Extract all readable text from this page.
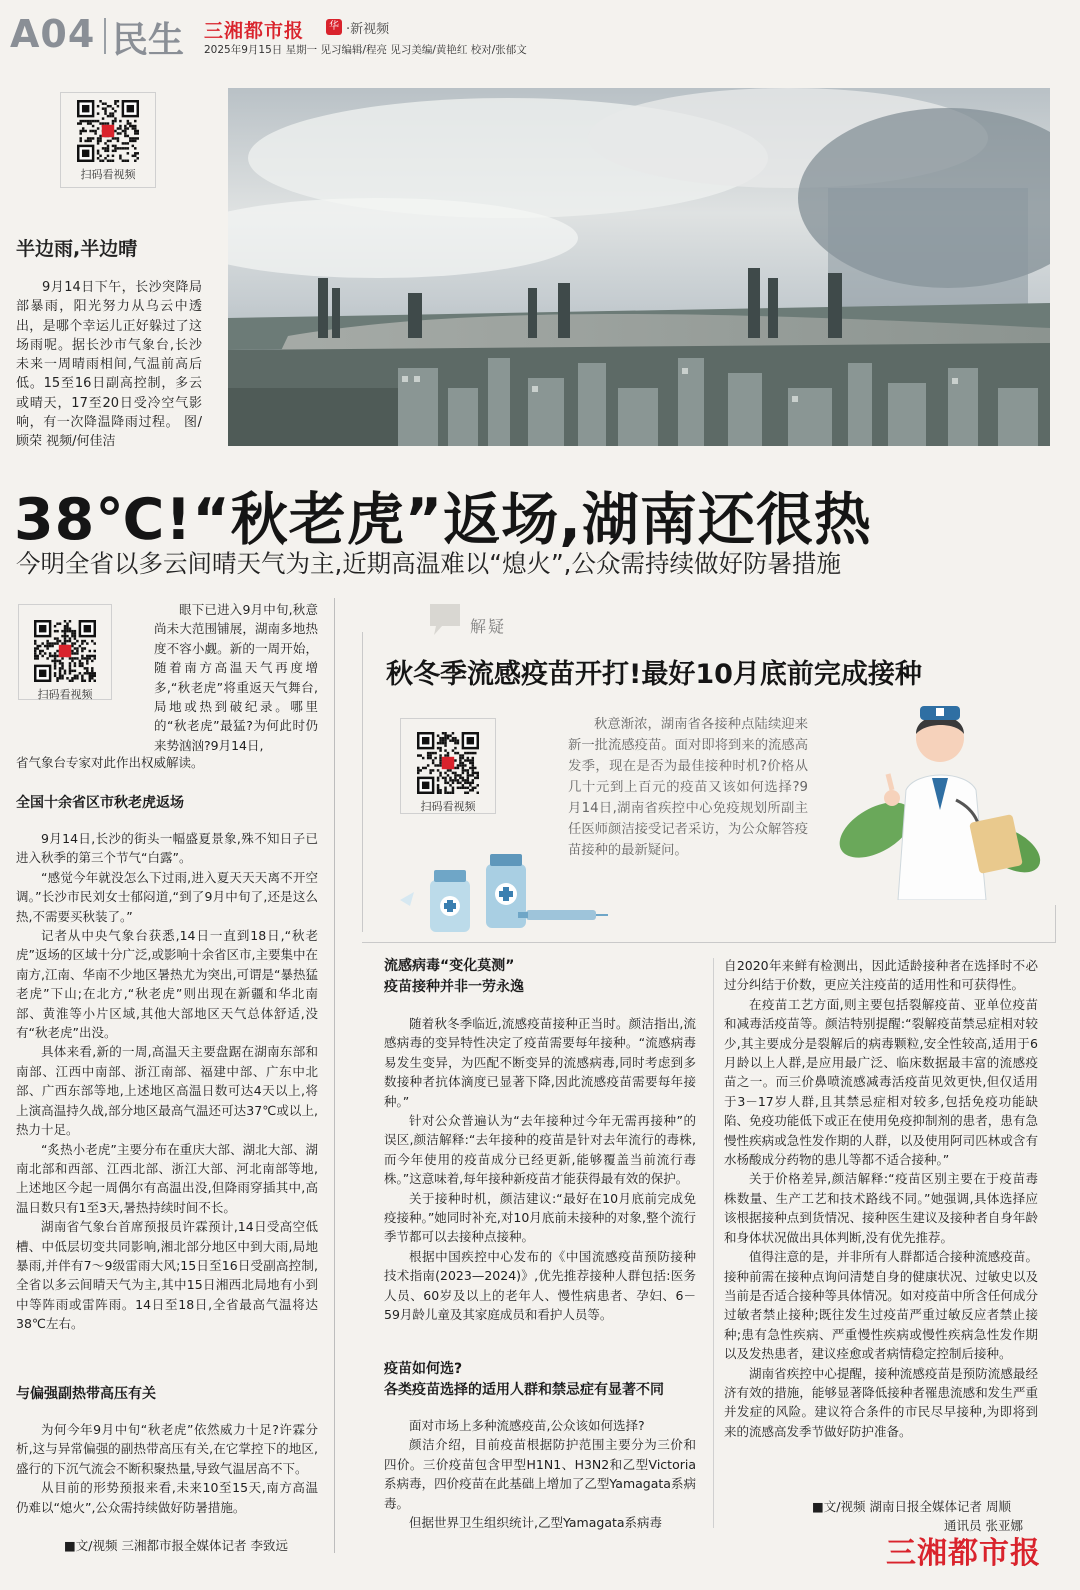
A04 民生 三湘都市报	华 ·新视频
2025年9月15日 星期一 见习编辑/程亮 见习美编/黄艳红 校对/张郁文
扫码看视频
半边雨,半边晴
9月14日下午，长沙突降局部暴雨，阳光努力从乌云中透出，是哪个幸运儿正好躲过了这场雨呢。据长沙市气象台,长沙未来一周晴雨相间,气温前高后低。15至16日副高控制，多云或晴天，17至20日受冷空气影响，有一次降温降雨过程。 图/顾荣 视频/何佳洁
38℃!“秋老虎”返场,湖南还很热
今明全省以多云间晴天气为主,近期高温难以“熄火”,公众需持续做好防暑措施
扫码看视频
眼下已进入9月中旬,秋意尚未大范围铺展，湖南多地热度不容小觑。新的一周开始，随着南方高温天气再度增多,“秋老虎”将重返天气舞台,局地或热到破纪录。哪里的“秋老虎”最猛?为何此时仍来势汹汹?9月14日,
省气象台专家对此作出权威解读。
全国十余省区市秋老虎返场

9月14日,长沙的街头一幅盛夏景象,殊不知日子已进入秋季的第三个节气“白露”。

“感觉今年就没怎么下过雨,进入夏天天天离不开空调。”长沙市民刘女士郁闷道,“到了9月中旬了,还是这么热,不需要买秋装了。”

记者从中央气象台获悉,14日一直到18日,“秋老虎”返场的区域十分广泛,或影响十余省区市,主要集中在南方,江南、华南不少地区暑热尤为突出,可谓是“暴热猛老虎”下山;在北方,“秋老虎”则出现在新疆和华北南部、黄淮等小片区域,其他大部地区天气总体舒适,没有“秋老虎”出没。

具体来看,新的一周,高温天主要盘踞在湖南东部和南部、江西中南部、浙江南部、福建中部、广东中北部、广西东部等地,上述地区高温日数可达4天以上,将上演高温持久战,部分地区最高气温还可达37℃或以上,热力十足。

“炙热小老虎”主要分布在重庆大部、湖北大部、湖南北部和西部、江西北部、浙江大部、河北南部等地,上述地区今起一周偶尔有高温出没,但降雨穿插其中,高温日数只有1至3天,暑热持续时间不长。

湖南省气象台首席预报员许霖预计,14日受高空低槽、中低层切变共同影响,湘北部分地区中到大雨,局地暴雨,并伴有7～9级雷雨大风;15日至16日受副高控制,全省以多云间晴天气为主,其中15日湘西北局地有小到中等阵雨或雷阵雨。14日至18日,全省最高气温将达38℃左右。

与偏强副热带高压有关

为何今年9月中旬“秋老虎”依然威力十足?许霖分析,这与异常偏强的副热带高压有关,在它掌控下的地区,盛行的下沉气流会不断积聚热量,导致气温居高不下。

从目前的形势预报来看,未来10至15天,南方高温仍难以“熄火”,公众需持续做好防暑措施。

■文/视频 三湘都市报全媒体记者 李致远
解疑
秋冬季流感疫苗开打!最好10月底前完成接种
扫码看视频
秋意渐浓，湖南省各接种点陆续迎来新一批流感疫苗。面对即将到来的流感高发季，现在是否为最佳接种时机?价格从几十元到上百元的疫苗又该如何选择?9月14日,湖南省疾控中心免疫规划所副主任医师颜洁接受记者采访，为公众解答疫苗接种的最新疑问。
流感病毒“变化莫测”
疫苗接种并非一劳永逸

随着秋冬季临近,流感疫苗接种正当时。颜洁指出,流感病毒的变异特性决定了疫苗需要每年接种。“流感病毒易发生变异，为匹配不断变异的流感病毒,同时考虑到多数接种者抗体滴度已显著下降,因此流感疫苗需要每年接种。”

针对公众普遍认为“去年接种过今年无需再接种”的误区,颜洁解释:“去年接种的疫苗是针对去年流行的毒株,而今年使用的疫苗成分已经更新,能够覆盖当前流行毒株。”这意味着,每年接种新疫苗才能获得最有效的保护。

关于接种时机，颜洁建议:“最好在10月底前完成免疫接种。”她同时补充,对10月底前未接种的对象,整个流行季节都可以去接种点接种。

根据中国疾控中心发布的《中国流感疫苗预防接种技术指南(2023—2024)》,优先推荐接种人群包括:医务人员、60岁及以上的老年人、慢性病患者、孕妇、6－59月龄儿童及其家庭成员和看护人员等。

疫苗如何选?
各类疫苗选择的适用人群和禁忌症有显著不同

面对市场上多种流感疫苗,公众该如何选择?

颜洁介绍，目前疫苗根据防护范围主要分为三价和四价。三价疫苗包含甲型H1N1、H3N2和乙型Victoria系病毒，四价疫苗在此基础上增加了乙型Yamagata系病毒。

但据世界卫生组织统计,乙型Yamagata系病毒

自2020年来鲜有检测出，因此适龄接种者在选择时不必过分纠结于价数，更应关注疫苗的适用性和可获得性。

在疫苗工艺方面,则主要包括裂解疫苗、亚单位疫苗和减毒活疫苗等。颜洁特别提醒:“裂解疫苗禁忌症相对较少,其主要成分是裂解后的病毒颗粒,安全性较高,适用于6月龄以上人群,是应用最广泛、临床数据最丰富的流感疫苗之一。而三价鼻喷流感减毒活疫苗见效更快,但仅适用于3－17岁人群,且其禁忌症相对较多,包括免疫功能缺陷、免疫功能低下或正在使用免疫抑制剂的患者，患有急慢性疾病或急性发作期的人群，以及使用阿司匹林或含有水杨酸成分药物的患儿等都不适合接种。”

关于价格差异,颜洁解释:“疫苗区别主要在于疫苗毒株数量、生产工艺和技术路线不同。”她强调,具体选择应该根据接种点到货情况、接种医生建议及接种者自身年龄和身体状况做出具体判断,没有优先推荐。

值得注意的是，并非所有人群都适合接种流感疫苗。接种前需在接种点询问清楚自身的健康状况、过敏史以及当前是否适合接种等具体情况。如对疫苗中所含任何成分过敏者禁止接种;既往发生过疫苗严重过敏反应者禁止接种;患有急性疾病、严重慢性疾病或慢性疾病急性发作期以及发热患者，建议痊愈或者病情稳定控制后接种。

湖南省疾控中心提醒，接种流感疫苗是预防流感最经济有效的措施，能够显著降低接种者罹患流感和发生严重并发症的风险。建议符合条件的市民尽早接种,为即将到来的流感高发季节做好防护准备。

■文/视频 湖南日报全媒体记者 周顺
通讯员 张亚娜
三湘都市报
